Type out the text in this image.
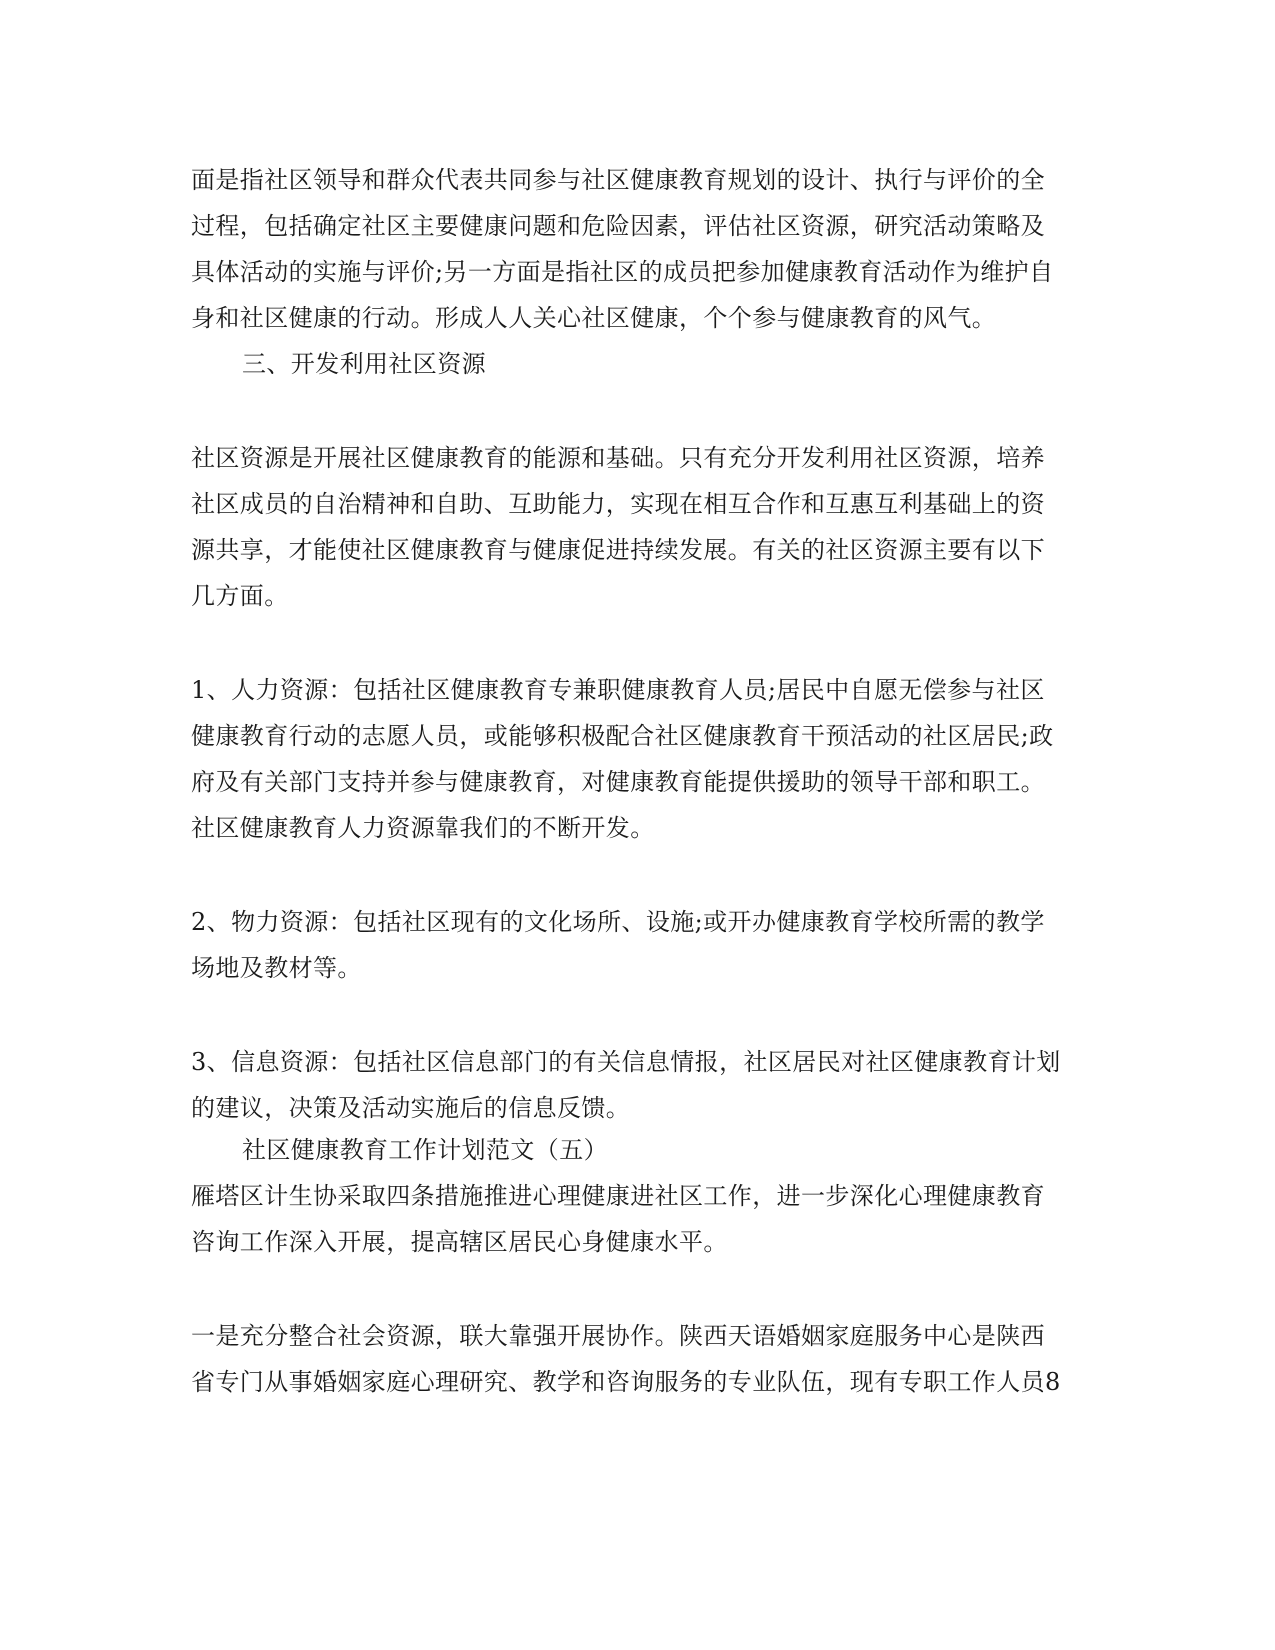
面是指社区领导和群众代表共同参与社区健康教育规划的设计、执行与评价的全
过程，包括确定社区主要健康问题和危险因素，评估社区资源，研究活动策略及
具体活动的实施与评价;另一方面是指社区的成员把参加健康教育活动作为维护自
身和社区健康的行动。形成人人关心社区健康，个个参与健康教育的风气。
三、开发利用社区资源
社区资源是开展社区健康教育的能源和基础。只有充分开发利用社区资源，培养
社区成员的自治精神和自助、互助能力，实现在相互合作和互惠互利基础上的资
源共享，才能使社区健康教育与健康促进持续发展。有关的社区资源主要有以下
几方面。
1、人力资源：包括社区健康教育专兼职健康教育人员;居民中自愿无偿参与社区
健康教育行动的志愿人员，或能够积极配合社区健康教育干预活动的社区居民;政
府及有关部门支持并参与健康教育，对健康教育能提供援助的领导干部和职工。
社区健康教育人力资源靠我们的不断开发。
2、物力资源：包括社区现有的文化场所、设施;或开办健康教育学校所需的教学
场地及教材等。
3、信息资源：包括社区信息部门的有关信息情报，社区居民对社区健康教育计划
的建议，决策及活动实施后的信息反馈。
社区健康教育工作计划范文（五）
雁塔区计生协采取四条措施推进心理健康进社区工作，进一步深化心理健康教育
咨询工作深入开展，提高辖区居民心身健康水平。
一是充分整合社会资源，联大靠强开展协作。陕西天语婚姻家庭服务中心是陕西
省专门从事婚姻家庭心理研究、教学和咨询服务的专业队伍，现有专职工作人员8
